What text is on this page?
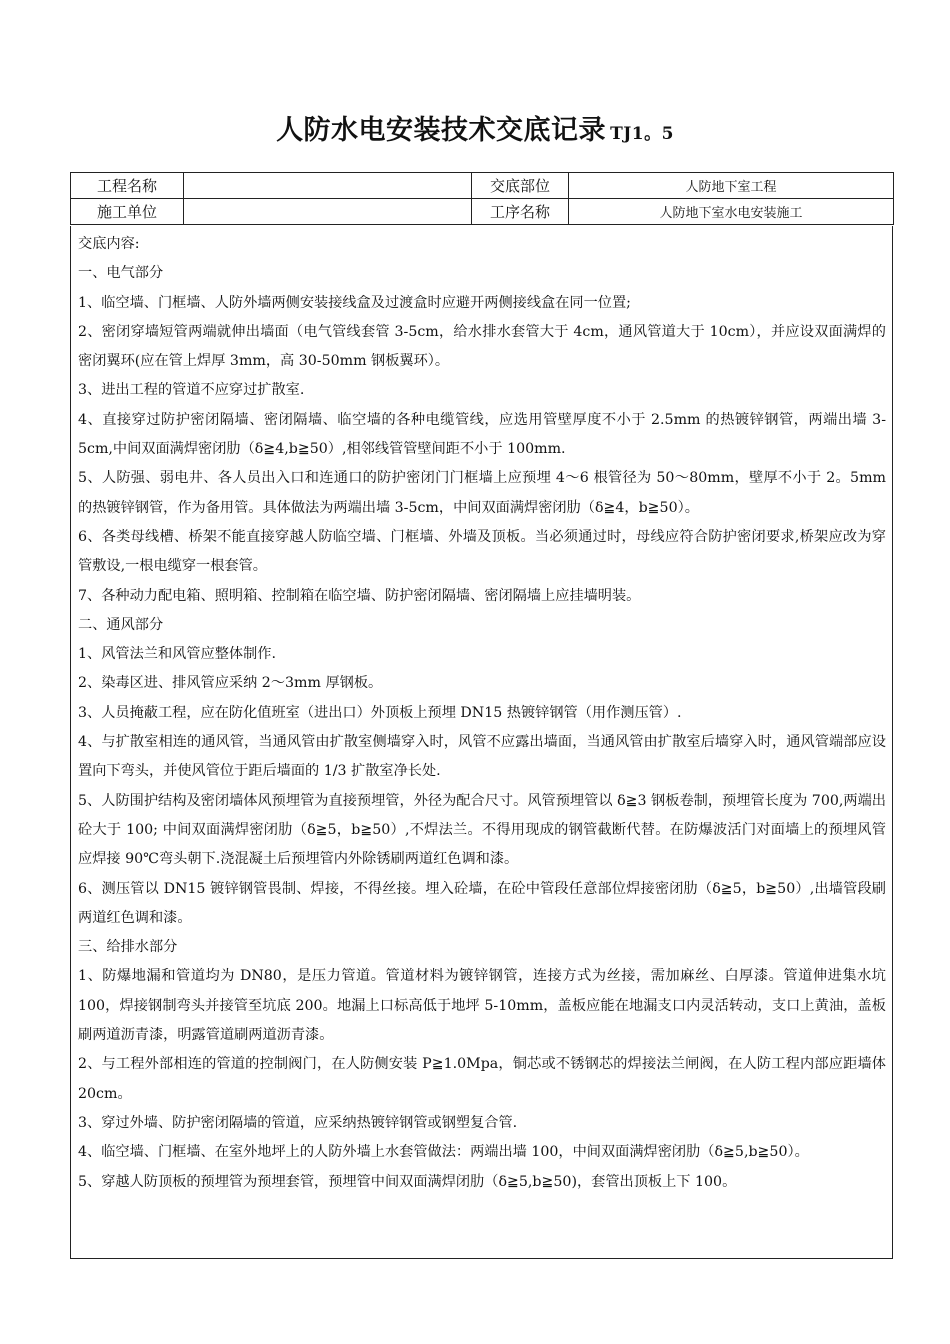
人防水电安装技术交底记录 TJ1。5
工程名称		交底部位	人防地下室工程
施工单位		工序名称	人防地下室水电安装施工

交底内容:

一、电气部分

1、临空墙、门框墙、人防外墙两侧安装接线盒及过渡盒时应避开两侧接线盒在同一位置;

2、密闭穿墙短管两端就伸出墙面（电气管线套管 3-5cm，给水排水套管大于 4cm，通风管道大于 10cm），并应设双面满焊的密闭翼环(应在管上焊厚 3mm，高 30-50mm 钢板翼环）。

3、进出工程的管道不应穿过扩散室.

4、直接穿过防护密闭隔墙、密闭隔墙、临空墙的各种电缆管线，应选用管壁厚度不小于 2.5mm 的热镀锌钢管，两端出墙 3-5cm,中间双面满焊密闭肋（δ≧4,b≧50）,相邻线管管壁间距不小于 100mm.

5、人防强、弱电井、各人员出入口和连通口的防护密闭门门框墙上应预埋 4～6 根管径为 50～80mm，壁厚不小于 2。5mm 的热镀锌钢管，作为备用管。具体做法为两端出墙 3-5cm，中间双面满焊密闭肋（δ≧4，b≧50）。

6、各类母线槽、桥架不能直接穿越人防临空墙、门框墙、外墙及顶板。当必须通过时，母线应符合防护密闭要求,桥架应改为穿管敷设,一根电缆穿一根套管。

7、各种动力配电箱、照明箱、控制箱在临空墙、防护密闭隔墙、密闭隔墙上应挂墙明装。

二、通风部分

1、风管法兰和风管应整体制作.

2、染毒区进、排风管应采纳 2～3mm 厚钢板。

3、人员掩蔽工程，应在防化值班室（进出口）外顶板上预埋 DN15 热镀锌钢管（用作测压管）.

4、与扩散室相连的通风管，当通风管由扩散室侧墙穿入时，风管不应露出墙面，当通风管由扩散室后墙穿入时，通风管端部应设置向下弯头，并使风管位于距后墙面的 1/3 扩散室净长处.

5、人防围护结构及密闭墙体风预埋管为直接预埋管，外径为配合尺寸。风管预埋管以 δ≧3 钢板卷制，预埋管长度为 700,两端出砼大于 100; 中间双面满焊密闭肋（δ≧5，b≧50）,不焊法兰。不得用现成的钢管截断代替。在防爆波活门对面墙上的预埋风管应焊接 90℃弯头朝下.浇混凝土后预埋管内外除锈刷两道红色调和漆。

6、测压管以 DN15 镀锌钢管畏制、焊接，不得丝接。埋入砼墙，在砼中管段任意部位焊接密闭肋（δ≧5，b≧50）,出墙管段刷两道红色调和漆。

三、给排水部分

1、防爆地漏和管道均为 DN80，是压力管道。管道材料为镀锌钢管，连接方式为丝接，需加麻丝、白厚漆。管道伸进集水坑 100，焊接钢制弯头并接管至坑底 200。地漏上口标高低于地坪 5-10mm，盖板应能在地漏支口内灵活转动，支口上黄油，盖板刷两道沥青漆，明露管道刷两道沥青漆。

2、与工程外部相连的管道的控制阀门，在人防侧安装 P≧1.0Mpa，铜芯或不锈钢芯的焊接法兰闸阀，在人防工程内部应距墙体 20cm。

3、穿过外墙、防护密闭隔墙的管道，应采纳热镀锌钢管或钢塑复合管.

4、临空墙、门框墙、在室外地坪上的人防外墙上水套管做法：两端出墙 100，中间双面满焊密闭肋（δ≧5,b≧50）。

5、穿越人防顶板的预埋管为预埋套管，预埋管中间双面满焊闭肋（δ≧5,b≧50)，套管出顶板上下 100。
